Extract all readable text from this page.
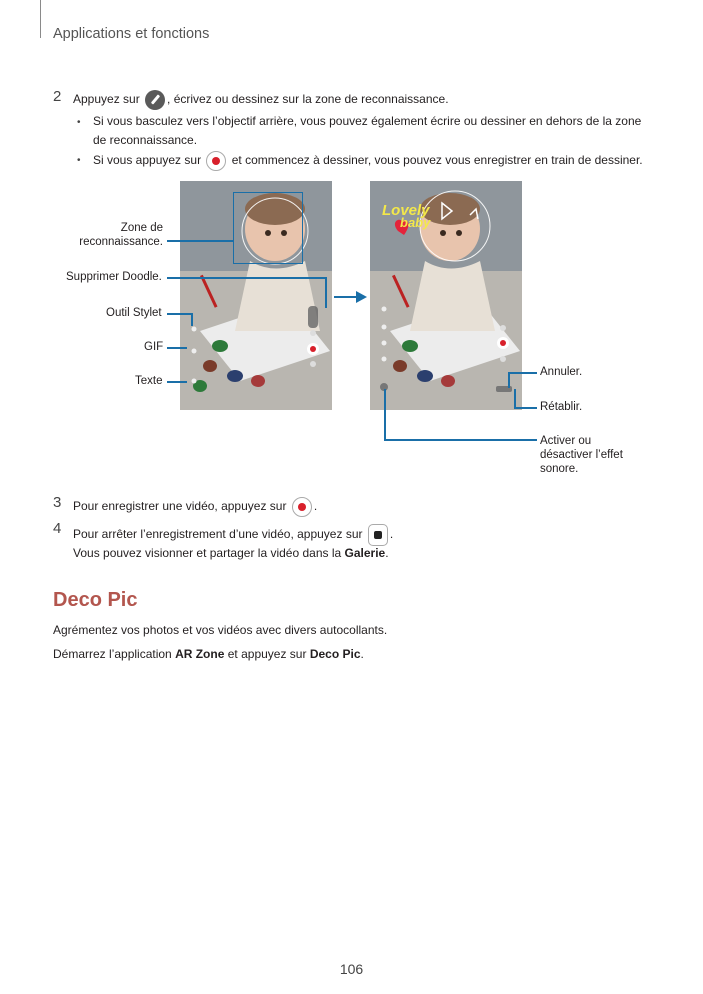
Applications et fonctions
2 Appuyez sur , écrivez ou dessinez sur la zone de reconnaissance.
• Si vous basculez vers l’objectif arrière, vous pouvez également écrire ou dessiner en dehors de la zone
de reconnaissance.
• Si vous appuyez sur	et commencez à dessiner, vous pouvez vous enregistrer en train de dessiner.
Lovely
baby
Zone de
reconnaissance.
Supprimer Doodle.
Outil Stylet
GIF
Texte
Annuler.
Rétablir.
Activer ou
désactiver l’effet
sonore.
3 Pour enregistrer une vidéo, appuyez sur .
4 Pour arrêter l’enregistrement d’une vidéo, appuyez sur .
Vous pouvez visionner et partager la vidéo dans la Galerie.
Deco Pic
Agrémentez vos photos et vos vidéos avec divers autocollants.
Démarrez l’application AR Zone et appuyez sur Deco Pic.
106
